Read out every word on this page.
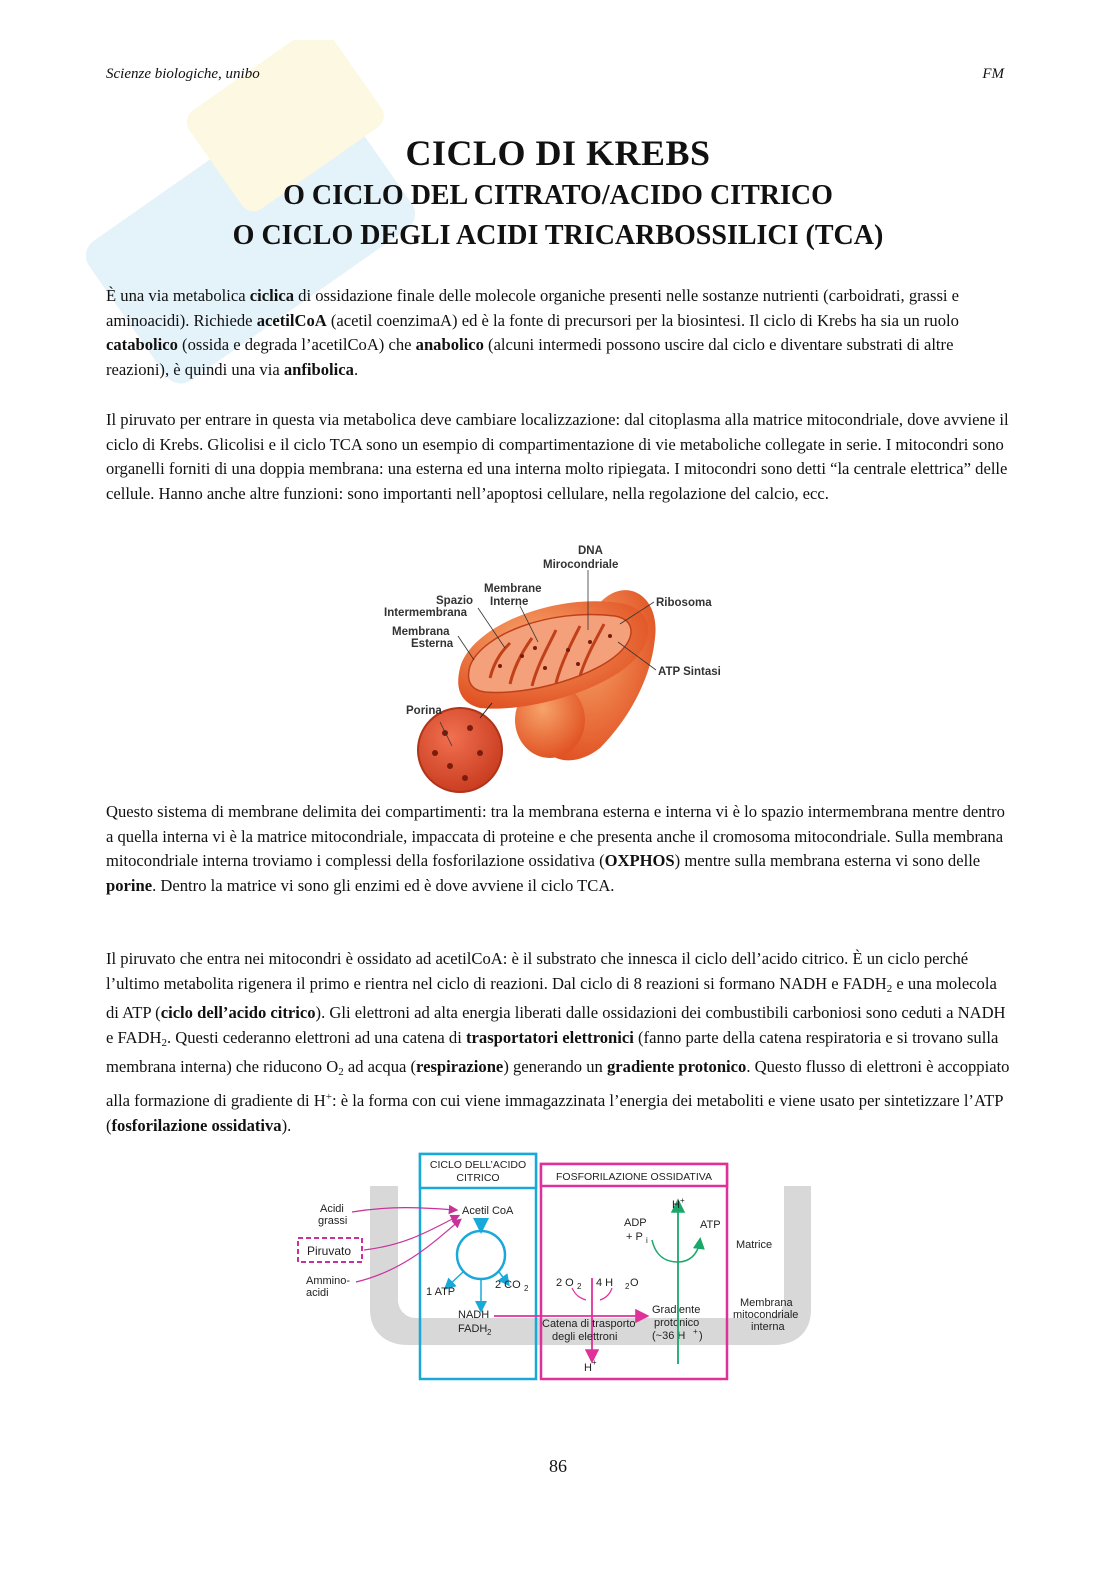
Scienze biologiche, unibo	FM
CICLO DI KREBS
O CICLO DEL CITRATO/ACIDO CITRICO
O CICLO DEGLI ACIDI TRICARBOSSILICI (TCA)

È una via metabolica ciclica di ossidazione finale delle molecole organiche presenti nelle sostanze nutrienti (carboidrati, grassi e aminoacidi). Richiede acetilCoA (acetil coenzimaA) ed è la fonte di precursori per la biosintesi. Il ciclo di Krebs ha sia un ruolo catabolico (ossida e degrada l’acetilCoA) che anabolico (alcuni intermedi possono uscire dal ciclo e diventare substrati di altre reazioni), è quindi una via anfibolica.

Il piruvato per entrare in questa via metabolica deve cambiare localizzazione: dal citoplasma alla matrice mitocondriale, dove avviene il ciclo di Krebs. Glicolisi e il ciclo TCA sono un esempio di compartimentazione di vie metaboliche collegate in serie. I mitocondri sono organelli forniti di una doppia membrana: una esterna ed una interna molto ripiegata. I mitocondri sono detti “la centrale elettrica” delle cellule. Hanno anche altre funzioni: sono importanti nell’apoptosi cellulare, nella regolazione del calcio, ecc.

DNA
Mirocondriale
Membrane
Interne
Spazio
Intermembrana
Membrana
Esterna
Ribosoma
ATP Sintasi
Porina

Questo sistema di membrane delimita dei compartimenti: tra la membrana esterna e interna vi è lo spazio intermembrana mentre dentro a quella interna vi è la matrice mitocondriale, impaccata di proteine e che presenta anche il cromosoma mitocondriale. Sulla membrana mitocondriale interna troviamo i complessi della fosforilazione ossidativa (OXPHOS) mentre sulla membrana esterna vi sono delle porine. Dentro la matrice vi sono gli enzimi ed è dove avviene il ciclo TCA.

Il piruvato che entra nei mitocondri è ossidato ad acetilCoA: è il substrato che innesca il ciclo dell’acido citrico. È un ciclo perché l’ultimo metabolita rigenera il primo e rientra nel ciclo di reazioni. Dal ciclo di 8 reazioni si formano NADH e $FADH_2$ e una molecola di ATP (ciclo dell’acido citrico). Gli elettroni ad alta energia liberati dalle ossidazioni dei combustibili carboniosi sono ceduti a NADH e $FADH_2$. Questi cederanno elettroni ad una catena di trasportatori elettronici (fanno parte della catena respiratoria e si trovano sulla membrana interna) che riducono $O_2$ ad acqua (respirazione) generando un gradiente protonico. Questo flusso di elettroni è accoppiato alla formazione di gradiente di H+: è la forma con cui viene immagazzinata l’energia dei metaboliti e viene usato per sintetizzare l’ATP (fosforilazione ossidativa).

CICLO DELL’ACIDO
CITRICO	FOSFORILAZIONE OSSIDATIVA
Acidi
grassi
Piruvato
Ammino-
acidi
Acetil CoA
1 ATP
2 CO 2
NADH
FADH 2
2 O 2 4 H 2 O
Catena di trasporto
degli elettroni
H +
Gradiente
protonico
(~36 H + )
H +
ADP
+ P i
ATP
Matrice
Membrana
mitocondriale
interna
86
